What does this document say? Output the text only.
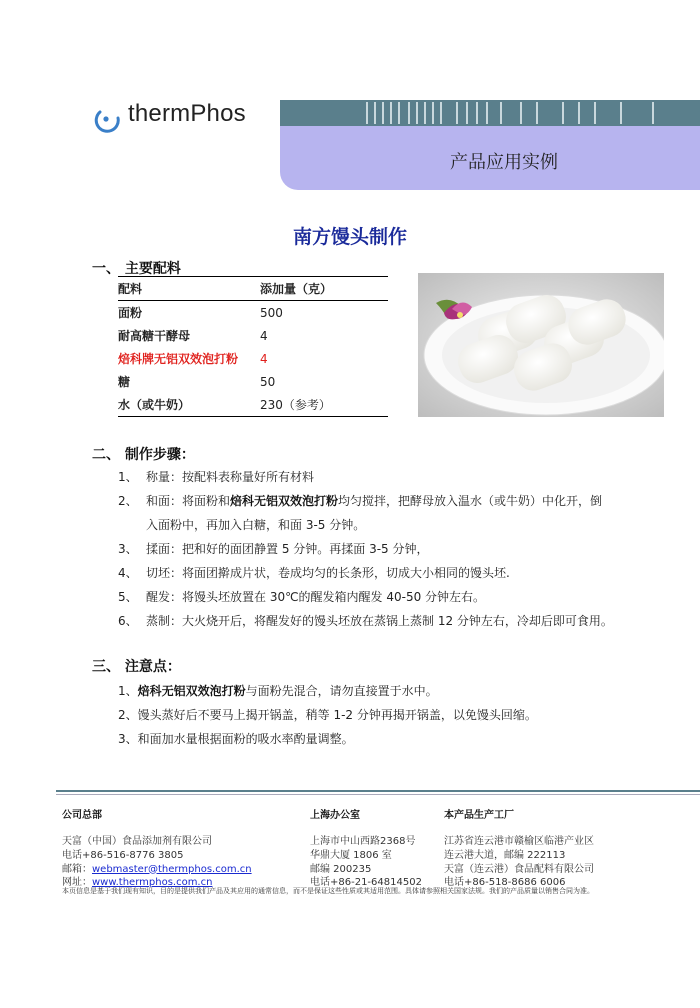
thermPhos
产品应用实例
南方馒头制作
一、 主要配料
配料	添加量（克）
面粉	500
耐高糖干酵母	4
焙科牌无铝双效泡打粉	4
糖	50
水（或牛奶）	230（参考）
二、 制作步骤：
1、 称量：按配料表称量好所有材料
2、 和面：将面粉和焙科无铝双效泡打粉均匀搅拌，把酵母放入温水（或牛奶）中化开，倒
入面粉中，再加入白糖，和面 3-5 分钟。
3、 揉面：把和好的面团静置 5 分钟。再揉面 3-5 分钟，
4、 切坯：将面团擀成片状，卷成均匀的长条形，切成大小相同的馒头坯.
5、 醒发：将馒头坯放置在 30℃的醒发箱内醒发 40-50 分钟左右。
6、 蒸制：大火烧开后，将醒发好的馒头坯放在蒸锅上蒸制 12 分钟左右，冷却后即可食用。
三、 注意点：
1、焙科无铝双效泡打粉与面粉先混合，请勿直接置于水中。
2、馒头蒸好后不要马上揭开锅盖，稍等 1-2 分钟再揭开锅盖，以免馒头回缩。
3、和面加水量根据面粉的吸水率酌量调整。
公司总部
天富（中国）食品添加剂有限公司
电话+86-516-8776 3805
邮箱：webmaster@thermphos.com.cn
网址：www.thermphos.com.cn
上海办公室
上海市中山西路2368号
华鼎大厦 1806 室
邮编 200235
电话+86-21-64814502
本产品生产工厂
江苏省连云港市赣榆区临港产业区
连云港大道，邮编 222113
天富（连云港）食品配料有限公司
电话+86-518-8686 6006
本页信息是基于我们现有知识，目的是提供我们产品及其应用的通常信息，而不是保证这些性质或其适用范围。具体请参照相关国家法规。我们的产品质量以销售合同为准。
